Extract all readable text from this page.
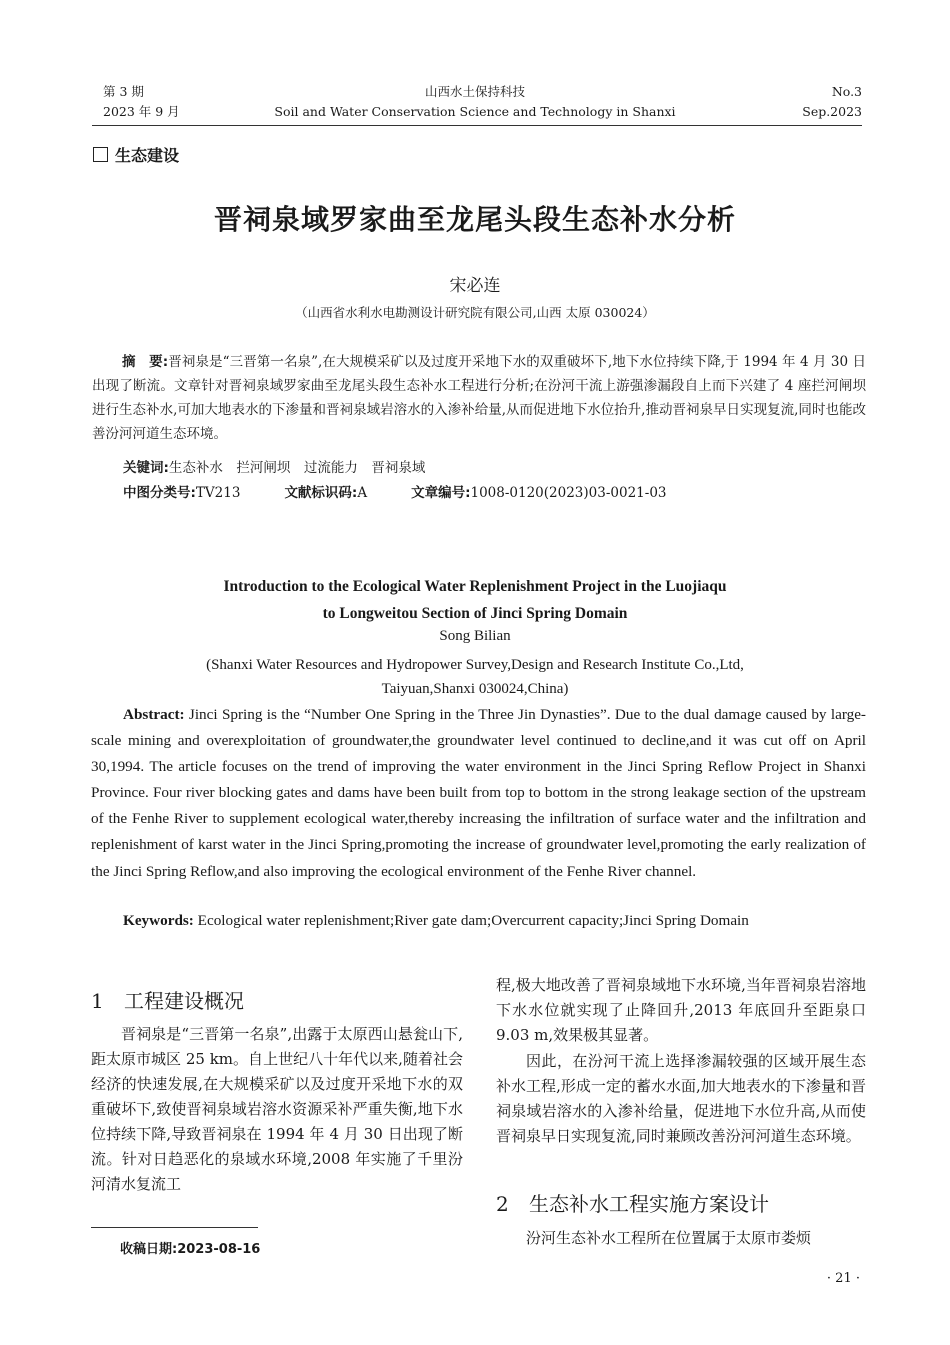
第 3 期
2023 年 9 月
山西水土保持科技
Soil and Water Conservation Science and Technology in Shanxi
No.3
Sep.2023
生态建设
晋祠泉域罗家曲至龙尾头段生态补水分析
宋必连
（山西省水利水电勘测设计研究院有限公司,山西 太原 030024）

摘　要:晋祠泉是“三晋第一名泉”,在大规模采矿以及过度开采地下水的双重破坏下,地下水位持续下降,于 1994 年 4 月 30 日出现了断流。文章针对晋祠泉域罗家曲至龙尾头段生态补水工程进行分析;在汾河干流上游强渗漏段自上而下兴建了 4 座拦河闸坝进行生态补水,可加大地表水的下渗量和晋祠泉域岩溶水的入渗补给量,从而促进地下水位抬升,推动晋祠泉早日实现复流,同时也能改善汾河河道生态环境。

关键词:生态补水　拦河闸坝　过流能力　晋祠泉域
中图分类号:TV213	文献标识码:A	文章编号:1008-0120(2023)03-0021-03
Introduction to the Ecological Water Replenishment Project in the Luojiaqu
to Longweitou Section of Jinci Spring Domain
Song Bilian
(Shanxi Water Resources and Hydropower Survey,Design and Research Institute Co.,Ltd,
Taiyuan,Shanxi 030024,China)

Abstract: Jinci Spring is the “Number One Spring in the Three Jin Dynasties”. Due to the dual damage caused by large-scale mining and overexploitation of groundwater,the groundwater level continued to decline,and it was cut off on April 30,1994. The article focuses on the trend of improving the water environment in the Jinci Spring Reflow Project in Shanxi Province. Four river blocking gates and dams have been built from top to bottom in the strong leakage section of the upstream of the Fenhe River to supplement ecological water,thereby increasing the infiltration of surface water and the infiltration and replenishment of karst water in the Jinci Spring,promoting the increase of groundwater level,promoting the early realization of the Jinci Spring Reflow,and also improving the ecological environment of the Fenhe River channel.

Keywords: Ecological water replenishment;River gate dam;Overcurrent capacity;Jinci Spring Domain
1 工程建设概况

晋祠泉是“三晋第一名泉”,出露于太原西山悬瓮山下,距太原市城区 25 km。自上世纪八十年代以来,随着社会经济的快速发展,在大规模采矿以及过度开采地下水的双重破坏下,致使晋祠泉域岩溶水资源采补严重失衡,地下水位持续下降,导致晋祠泉在 1994 年 4 月 30 日出现了断流。针对日趋恶化的泉域水环境,2008 年实施了千里汾河清水复流工

程,极大地改善了晋祠泉域地下水环境,当年晋祠泉岩溶地下水水位就实现了止降回升,2013 年底回升至距泉口 9.03 m,效果极其显著。

因此，在汾河干流上选择渗漏较强的区域开展生态补水工程,形成一定的蓄水水面,加大地表水的下渗量和晋祠泉域岩溶水的入渗补给量，促进地下水位升高,从而使晋祠泉早日实现复流,同时兼顾改善汾河河道生态环境。

2 生态补水工程实施方案设计

汾河生态补水工程所在位置属于太原市娄烦

收稿日期:2023-08-16
· 21 ·
